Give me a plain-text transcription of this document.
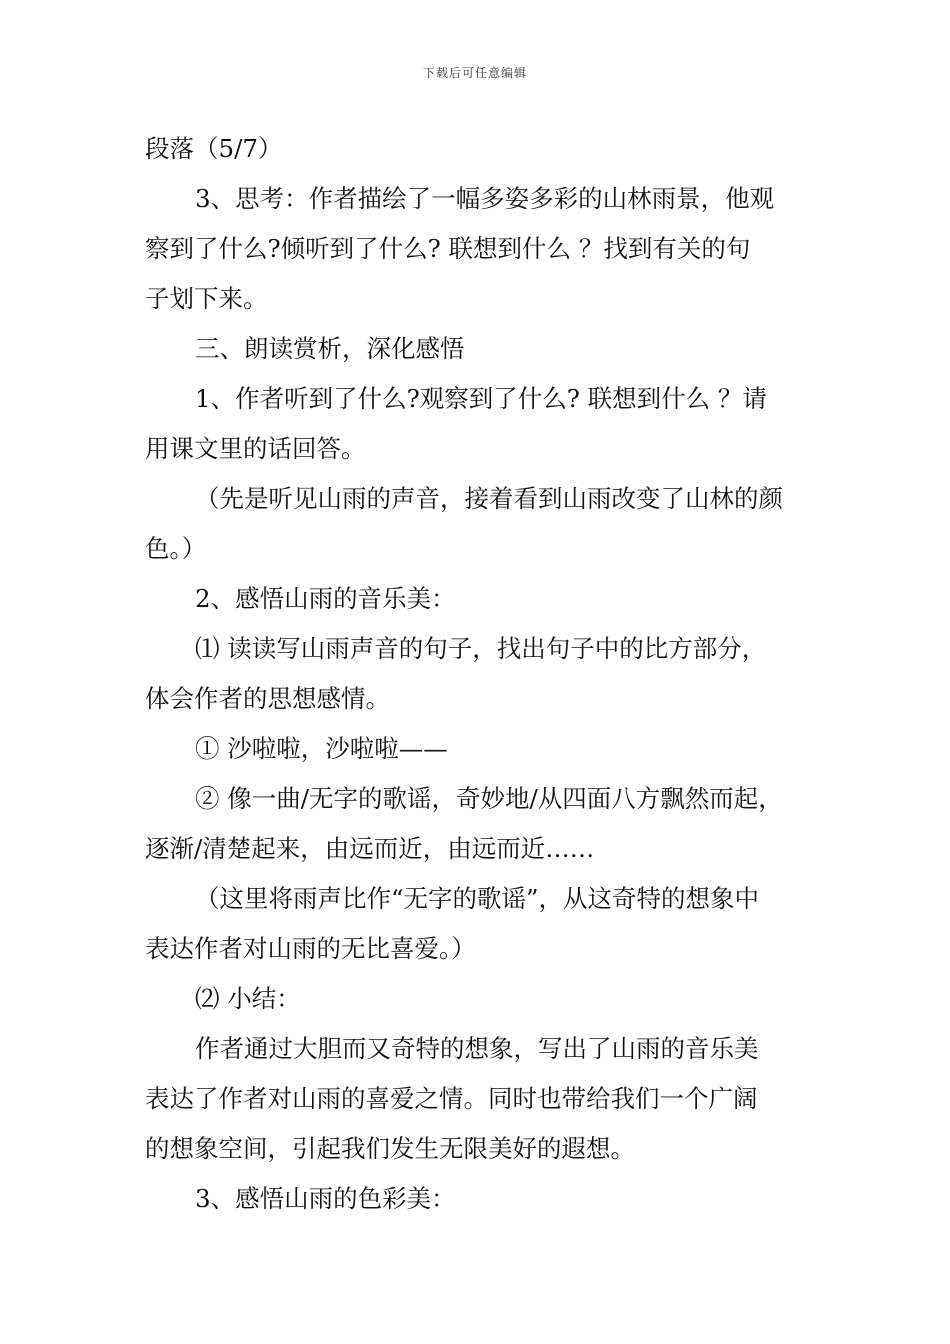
下载后可任意编辑
段落（5/7）
3、思考：作者描绘了一幅多姿多彩的山林雨景，他观
察到了什么?倾听到了什么? 联想到什么 ？找到有关的句
子划下来。
三、朗读赏析，深化感悟
1、作者听到了什么?观察到了什么? 联想到什么 ？请
用课文里的话回答。
（先是听见山雨的声音，接着看到山雨改变了山林的颜
色。）
2、感悟山雨的音乐美：
⑴ 读读写山雨声音的句子，找出句子中的比方部分，
体会作者的思想感情。
① 沙啦啦，沙啦啦——
② 像一曲/无字的歌谣，奇妙地/从四面八方飘然而起，
逐渐/清楚起来，由远而近，由远而近……
（这里将雨声比作“无字的歌谣”，从这奇特的想象中
表达作者对山雨的无比喜爱。）
⑵ 小结：
作者通过大胆而又奇特的想象，写出了山雨的音乐美
表达了作者对山雨的喜爱之情。同时也带给我们一个广阔
的想象空间，引起我们发生无限美好的遐想。
3、感悟山雨的色彩美：
